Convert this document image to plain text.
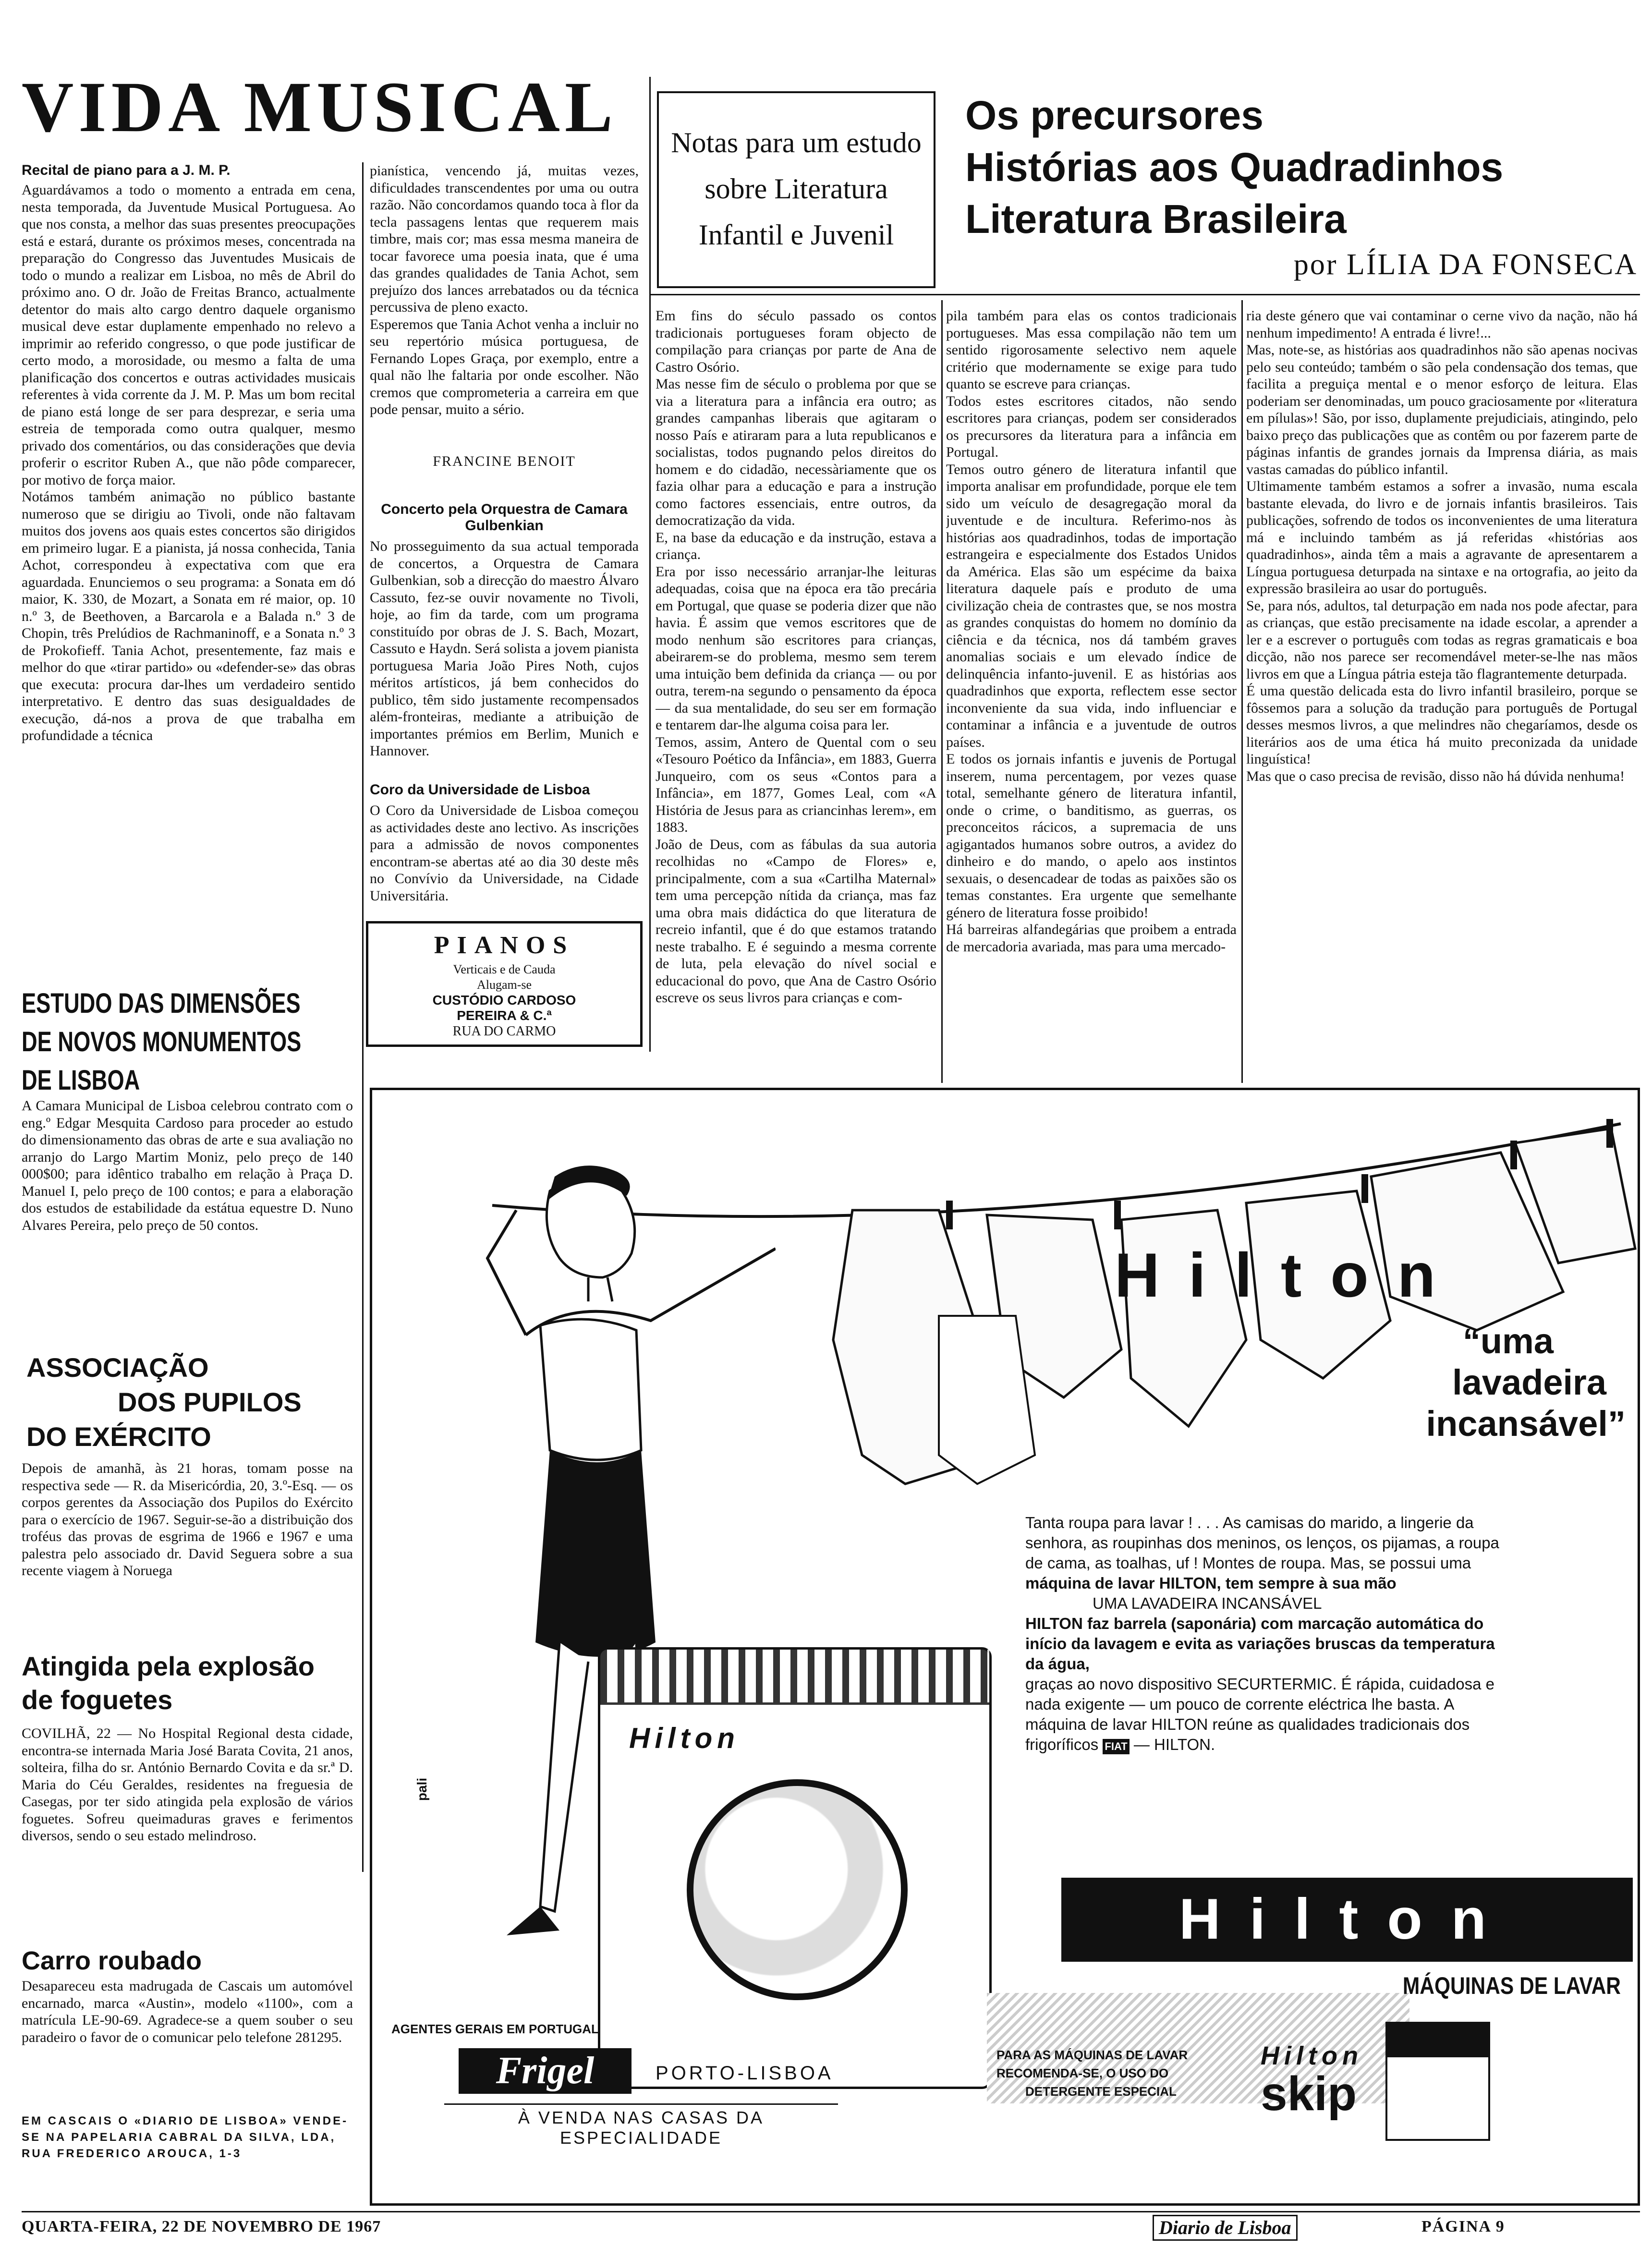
VIDA MUSICAL
Recital de piano para a J. M. P.
Aguardávamos a todo o momento a entrada em cena, nesta temporada, da Juventude Musical Portuguesa. Ao que nos consta, a melhor das suas presentes preocupações está e estará, durante os próximos meses, concentrada na preparação do Congresso das Juventudes Musicais de todo o mundo a realizar em Lisboa, no mês de Abril do próximo ano. O dr. João de Freitas Branco, actualmente detentor do mais alto cargo dentro daquele organismo musical deve estar duplamente empenhado no relevo a imprimir ao referido congresso, o que pode justificar de certo modo, a morosidade, ou mesmo a falta de uma planificação dos concertos e outras actividades musicais referentes à vida corrente da J. M. P. Mas um bom recital de piano está longe de ser para desprezar, e seria uma estreia de temporada como outra qualquer, mesmo privado dos comentários, ou das considerações que devia proferir o escritor Ruben A., que não pôde comparecer, por motivo de força maior.
Notámos também animação no público bastante numeroso que se dirigiu ao Tivoli, onde não faltavam muitos dos jovens aos quais estes concertos são dirigidos em primeiro lugar. E a pianista, já nossa conhecida, Tania Achot, correspondeu à expectativa com que era aguardada. Enunciemos o seu programa: a Sonata em dó maior, K. 330, de Mozart, a Sonata em ré maior, op. 10 n.º 3, de Beethoven, a Barcarola e a Balada n.º 3 de Chopin, três Prelúdios de Rachmaninoff, e a Sonata n.º 3 de Prokofieff. Tania Achot, presentemente, faz mais e melhor do que «tirar partido» ou «defender-se» das obras que executa: procura dar-lhes um verdadeiro sentido interpretativo. E dentro das suas desigualdades de execução, dá-nos a prova de que trabalha em profundidade a técnica
pianística, vencendo já, muitas vezes, dificuldades transcendentes por uma ou outra razão. Não concordamos quando toca à flor da tecla passagens lentas que requerem mais timbre, mais cor; mas essa mesma maneira de tocar favorece uma poesia inata, que é uma das grandes qualidades de Tania Achot, sem prejuízo dos lances arrebatados ou da técnica percussiva de pleno exacto.
Esperemos que Tania Achot venha a incluir no seu repertório música portuguesa, de Fernando Lopes Graça, por exemplo, entre a qual não lhe faltaria por onde escolher. Não cremos que comprometeria a carreira em que pode pensar, muito a sério.
FRANCINE BENOIT
Concerto pela Orquestra de Camara Gulbenkian
No prosseguimento da sua actual temporada de concertos, a Orquestra de Camara Gulbenkian, sob a direcção do maestro Álvaro Cassuto, fez-se ouvir novamente no Tivoli, hoje, ao fim da tarde, com um programa constituído por obras de J. S. Bach, Mozart, Cassuto e Haydn. Será solista a jovem pianista portuguesa Maria João Pires Noth, cujos méritos artísticos, já bem conhecidos do publico, têm sido justamente recompensados além-fronteiras, mediante a atribuição de importantes prémios em Berlim, Munich e Hannover.
Coro da Universidade de Lisboa
O Coro da Universidade de Lisboa começou as actividades deste ano lectivo. As inscrições para a admissão de novos componentes encontram-se abertas até ao dia 30 deste mês no Convívio da Universidade, na Cidade Universitária.
PIANOS
Verticais e de Cauda
Alugam-se
CUSTÓDIO CARDOSO
PEREIRA & C.ª
RUA DO CARMO
Notas para um estudo
sobre Literatura
Infantil e Juvenil
Os precursores
Histórias aos Quadradinhos
Literatura Brasileira
por LÍLIA DA FONSECA
Em fins do século passado os contos tradicionais portugueses foram objecto de compilação para crianças por parte de Ana de Castro Osório.
Mas nesse fim de século o problema por que se via a literatura para a infância era outro; as grandes campanhas liberais que agitaram o nosso País e atiraram para a luta republicanos e socialistas, todos pugnando pelos direitos do homem e do cidadão, necessàriamente que os fazia olhar para a educação e para a instrução como factores essenciais, entre outros, da democratização da vida.
E, na base da educação e da instrução, estava a criança.
Era por isso necessário arranjar-lhe leituras adequadas, coisa que na época era tão precária em Portugal, que quase se poderia dizer que não havia. É assim que vemos escritores que de modo nenhum são escritores para crianças, abeirarem-se do problema, mesmo sem terem uma intuição bem definida da criança — ou por outra, terem-na segundo o pensamento da época — da sua mentalidade, do seu ser em formação e tentarem dar-lhe alguma coisa para ler.
Temos, assim, Antero de Quental com o seu «Tesouro Poético da Infância», em 1883, Guerra Junqueiro, com os seus «Contos para a Infância», em 1877, Gomes Leal, com «A História de Jesus para as criancinhas lerem», em 1883.
João de Deus, com as fábulas da sua autoria recolhidas no «Campo de Flores» e, principalmente, com a sua «Cartilha Maternal» tem uma percepção nítida da criança, mas faz uma obra mais didáctica do que literatura de recreio infantil, que é do que estamos tratando neste trabalho. E é seguindo a mesma corrente de luta, pela elevação do nível social e educacional do povo, que Ana de Castro Osório escreve os seus livros para crianças e com-
pila também para elas os contos tradicionais portugueses. Mas essa compilação não tem um sentido rigorosamente selectivo nem aquele critério que modernamente se exige para tudo quanto se escreve para crianças.
Todos estes escritores citados, não sendo escritores para crianças, podem ser considerados os precursores da literatura para a infância em Portugal.
Temos outro género de literatura infantil que importa analisar em profundidade, porque ele tem sido um veículo de desagregação moral da juventude e de incultura. Referimo-nos às histórias aos quadradinhos, todas de importação estrangeira e especialmente dos Estados Unidos da América. Elas são um espécime da baixa literatura daquele país e produto de uma civilização cheia de contrastes que, se nos mostra as grandes conquistas do homem no domínio da ciência e da técnica, nos dá também graves anomalias sociais e um elevado índice de delinquência infanto-juvenil. E as histórias aos quadradinhos que exporta, reflectem esse sector inconveniente da sua vida, indo influenciar e contaminar a infância e a juventude de outros países.
E todos os jornais infantis e juvenis de Portugal inserem, numa percentagem, por vezes quase total, semelhante género de literatura infantil, onde o crime, o banditismo, as guerras, os preconceitos rácicos, a supremacia de uns agigantados humanos sobre outros, a avidez do dinheiro e do mando, o apelo aos instintos sexuais, o desencadear de todas as paixões são os temas constantes. Era urgente que semelhante género de literatura fosse proibido!
Há barreiras alfandegárias que proibem a entrada de mercadoria avariada, mas para uma mercado-
ria deste género que vai contaminar o cerne vivo da nação, não há nenhum impedimento! A entrada é livre!...
Mas, note-se, as histórias aos quadradinhos não são apenas nocivas pelo seu conteúdo; também o são pela condensação dos temas, que facilita a preguiça mental e o menor esforço de leitura. Elas poderiam ser denominadas, um pouco graciosamente por «literatura em pílulas»! São, por isso, duplamente prejudiciais, atingindo, pelo baixo preço das publicações que as contêm ou por fazerem parte de páginas infantis de grandes jornais da Imprensa diária, as mais vastas camadas do público infantil.
Ultimamente também estamos a sofrer a invasão, numa escala bastante elevada, do livro e de jornais infantis brasileiros. Tais publicações, sofrendo de todos os inconvenientes de uma literatura má e incluindo também as já referidas «histórias aos quadradinhos», ainda têm a mais a agravante de apresentarem a Língua portuguesa deturpada na sintaxe e na ortografia, ao jeito da expressão brasileira ao usar do português.
Se, para nós, adultos, tal deturpação em nada nos pode afectar, para as crianças, que estão precisamente na idade escolar, a aprender a ler e a escrever o português com todas as regras gramaticais e boa dicção, não nos parece ser recomendável meter-se-lhe nas mãos livros em que a Língua pátria esteja tão flagrantemente deturpada.
É uma questão delicada esta do livro infantil brasileiro, porque se fôssemos para a solução da tradução para português de Portugal desses mesmos livros, a que melindres não chegaríamos, desde os literários aos de uma ética há muito preconizada da unidade linguística!
Mas que o caso precisa de revisão, disso não há dúvida nenhuma!
ESTUDO DAS DIMENSÕES
DE NOVOS MONUMENTOS
DE LISBOA
A Camara Municipal de Lisboa celebrou contrato com o eng.º Edgar Mesquita Cardoso para proceder ao estudo do dimensionamento das obras de arte e sua avaliação no arranjo do Largo Martim Moniz, pelo preço de 140 000$00; para idêntico trabalho em relação à Praça D. Manuel I, pelo preço de 100 contos; e para a elaboração dos estudos de estabilidade da estátua equestre D. Nuno Alvares Pereira, pelo preço de 50 contos.
ASSOCIAÇÃO
DOS PUPILOS
DO EXÉRCITO
Depois de amanhã, às 21 horas, tomam posse na respectiva sede — R. da Misericórdia, 20, 3.º-Esq. — os corpos gerentes da Associação dos Pupilos do Exército para o exercício de 1967. Seguir-se-ão a distribuição dos troféus das provas de esgrima de 1966 e 1967 e uma palestra pelo associado dr. David Seguera sobre a sua recente viagem à Noruega
Atingida pela explosão
de foguetes
COVILHÃ, 22 — No Hospital Regional desta cidade, encontra-se internada Maria José Barata Covita, 21 anos, solteira, filha do sr. António Bernardo Covita e da sr.ª D. Maria do Céu Geraldes, residentes na freguesia de Casegas, por ter sido atingida pela explosão de vários foguetes. Sofreu queimaduras graves e ferimentos diversos, sendo o seu estado melindroso.
Carro roubado
Desapareceu esta madrugada de Cascais um automóvel encarnado, marca «Austin», modelo «1100», com a matrícula LE-90-69. Agradece-se a quem souber o seu paradeiro o favor de o comunicar pelo telefone 281295.
EM CASCAIS O «DIARIO DE LISBOA» VENDE-SE NA PAPELARIA CABRAL DA SILVA, LDA, RUA FREDERICO AROUCA, 1-3
Hilton
pali
Hilton
“uma
lavadeira
incansável”
Tanta roupa para lavar ! . . . As camisas do marido, a lingerie da senhora, as roupinhas dos meninos, os lenços, os pijamas, a roupa de cama, as toalhas, uf ! Montes de roupa. Mas, se possui uma
máquina de lavar HILTON, tem sempre à sua mão
UMA LAVADEIRA INCANSÁVEL
HILTON faz barrela (saponária) com marcação automática do início da lavagem e evita as variações bruscas da temperatura da água,
graças ao novo dispositivo SECURTERMIC. É rápida, cuidadosa e nada exigente — um pouco de corrente eléctrica lhe basta. A máquina de lavar HILTON reúne as qualidades tradicionais dos frigoríficos FIAT — HILTON.
Hilton
MÁQUINAS DE LAVAR
AGENTES GERAIS EM PORTUGAL
Frigel	PORTO-LISBOA
À VENDA NAS CASAS DA ESPECIALIDADE
PARA AS MÁQUINAS DE LAVAR
RECOMENDA-SE, O USO DO
DETERGENTE ESPECIAL
Hilton
skip
QUARTA-FEIRA, 22 DE NOVEMBRO DE 1967	Diario de Lisboa	PÁGINA 9
